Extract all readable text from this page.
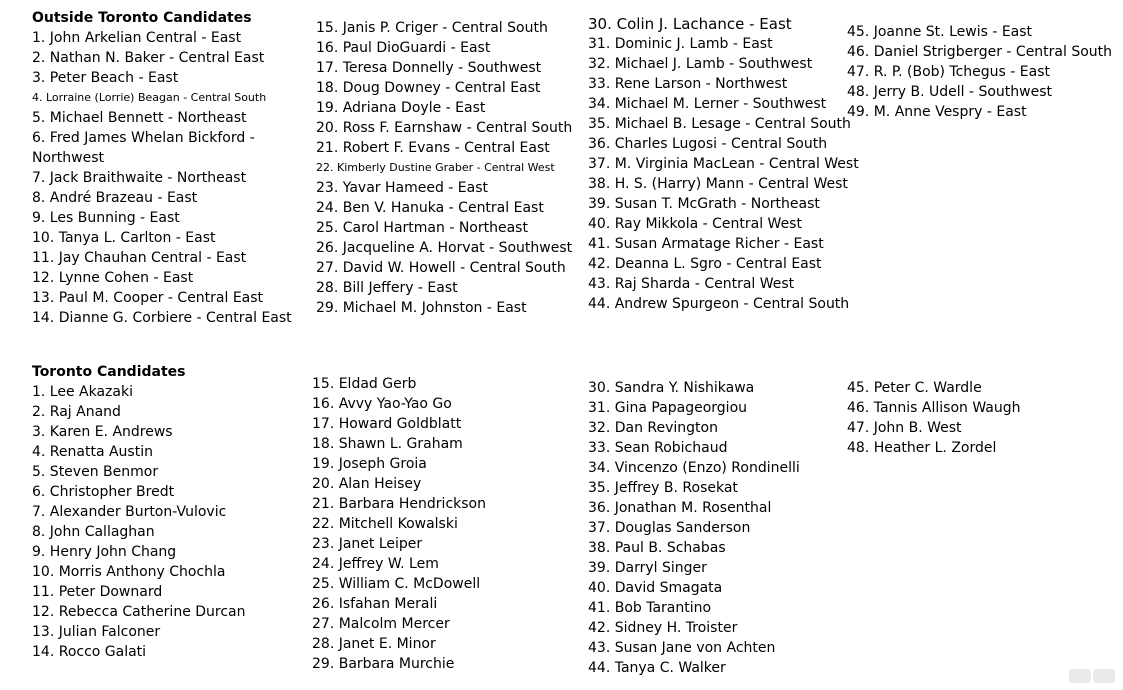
Outside Toronto Candidates
1. John Arkelian Central - East
2. Nathan N. Baker - Central East
3. Peter Beach - East
4. Lorraine (Lorrie) Beagan - Central South
5. Michael Bennett - Northeast
6. Fred James Whelan Bickford - Northwest
7. Jack Braithwaite - Northeast
8. André Brazeau - East
9. Les Bunning - East
10. Tanya L. Carlton - East
11. Jay Chauhan Central - East
12. Lynne Cohen - East
13. Paul M. Cooper - Central East
14. Dianne G. Corbiere - Central East
15. Janis P. Criger - Central South
16. Paul DioGuardi - East
17. Teresa Donnelly - Southwest
18. Doug Downey - Central East
19. Adriana Doyle - East
20. Ross F. Earnshaw - Central South
21. Robert F. Evans - Central East
22. Kimberly Dustine Graber - Central West
23. Yavar Hameed - East
24. Ben V. Hanuka - Central East
25. Carol Hartman - Northeast
26. Jacqueline A. Horvat - Southwest
27. David W. Howell - Central South
28. Bill Jeffery - East
29. Michael M. Johnston - East
30. Colin J. Lachance - East
31. Dominic J. Lamb - East
32. Michael J. Lamb - Southwest
33. Rene Larson - Northwest
34. Michael M. Lerner - Southwest
35. Michael B. Lesage - Central South
36. Charles Lugosi - Central South
37. M. Virginia MacLean - Central West
38. H. S. (Harry) Mann - Central West
39. Susan T. McGrath - Northeast
40. Ray Mikkola - Central West
41. Susan Armatage Richer - East
42. Deanna L. Sgro - Central East
43. Raj Sharda - Central West
44. Andrew Spurgeon - Central South
45. Joanne St. Lewis - East
46. Daniel Strigberger - Central South
47. R. P. (Bob) Tchegus - East
48. Jerry B. Udell - Southwest
49. M. Anne Vespry - East
Toronto Candidates
1. Lee Akazaki
2. Raj Anand
3. Karen E. Andrews
4. Renatta Austin
5. Steven Benmor
6. Christopher Bredt
7. Alexander Burton-Vulovic
8. John Callaghan
9. Henry John Chang
10. Morris Anthony Chochla
11. Peter Downard
12. Rebecca Catherine Durcan
13. Julian Falconer
14. Rocco Galati
15. Eldad Gerb
16. Avvy Yao-Yao Go
17. Howard Goldblatt
18. Shawn L. Graham
19. Joseph Groia
20. Alan Heisey
21. Barbara Hendrickson
22. Mitchell Kowalski
23. Janet Leiper
24. Jeffrey W. Lem
25. William C. McDowell
26. Isfahan Merali
27. Malcolm Mercer
28. Janet E. Minor
29. Barbara Murchie
30. Sandra Y. Nishikawa
31. Gina Papageorgiou
32. Dan Revington
33. Sean Robichaud
34. Vincenzo (Enzo) Rondinelli
35. Jeffrey B. Rosekat
36. Jonathan M. Rosenthal
37. Douglas Sanderson
38. Paul B. Schabas
39. Darryl Singer
40. David Smagata
41. Bob Tarantino
42. Sidney H. Troister
43. Susan Jane von Achten
44. Tanya C. Walker
45. Peter C. Wardle
46. Tannis Allison Waugh
47. John B. West
48. Heather L. Zordel
